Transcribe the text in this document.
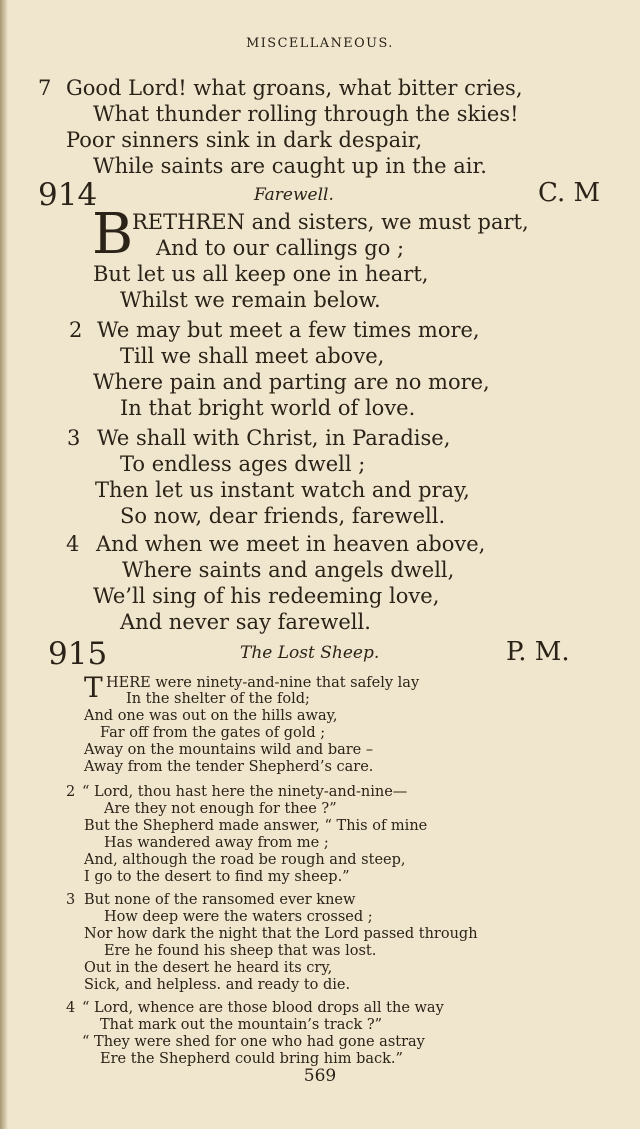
MISCELLANEOUS.
7 Good Lord! what groans, what bitter cries,
What thunder rolling through the skies!
Poor sinners sink in dark despair,
While saints are caught up in the air.
914	Farewell.	C. M
B
RETHREN and sisters, we must part,
And to our callings go ;
But let us all keep one in heart,
Whilst we remain below.
2 We may but meet a few times more,
Till we shall meet above,
Where pain and parting are no more,
In that bright world of love.
3 We shall with Christ, in Paradise,
To endless ages dwell ;
Then let us instant watch and pray,
So now, dear friends, farewell.
4 And when we meet in heaven above,
Where saints and angels dwell,
We’ll sing of his redeeming love,
And never say farewell.
915	The Lost Sheep.	P. M.
T HERE were ninety-and-nine that safely lay
In the shelter of the fold;
And one was out on the hills away,
Far off from the gates of gold ;
Away on the mountains wild and bare –
Away from the tender Shepherd’s care.
2 “ Lord, thou hast here the ninety-and-nine—
Are they not enough for thee ?”
But the Shepherd made answer, “ This of mine
Has wandered away from me ;
And, although the road be rough and steep,
I go to the desert to find my sheep.”
3 But none of the ransomed ever knew
How deep were the waters crossed ;
Nor how dark the night that the Lord passed through
Ere he found his sheep that was lost.
Out in the desert he heard its cry,
Sick, and helpless. and ready to die.
4 “ Lord, whence are those blood drops all the way
That mark out the mountain’s track ?”
“ They were shed for one who had gone astray
Ere the Shepherd could bring him back.”
569
